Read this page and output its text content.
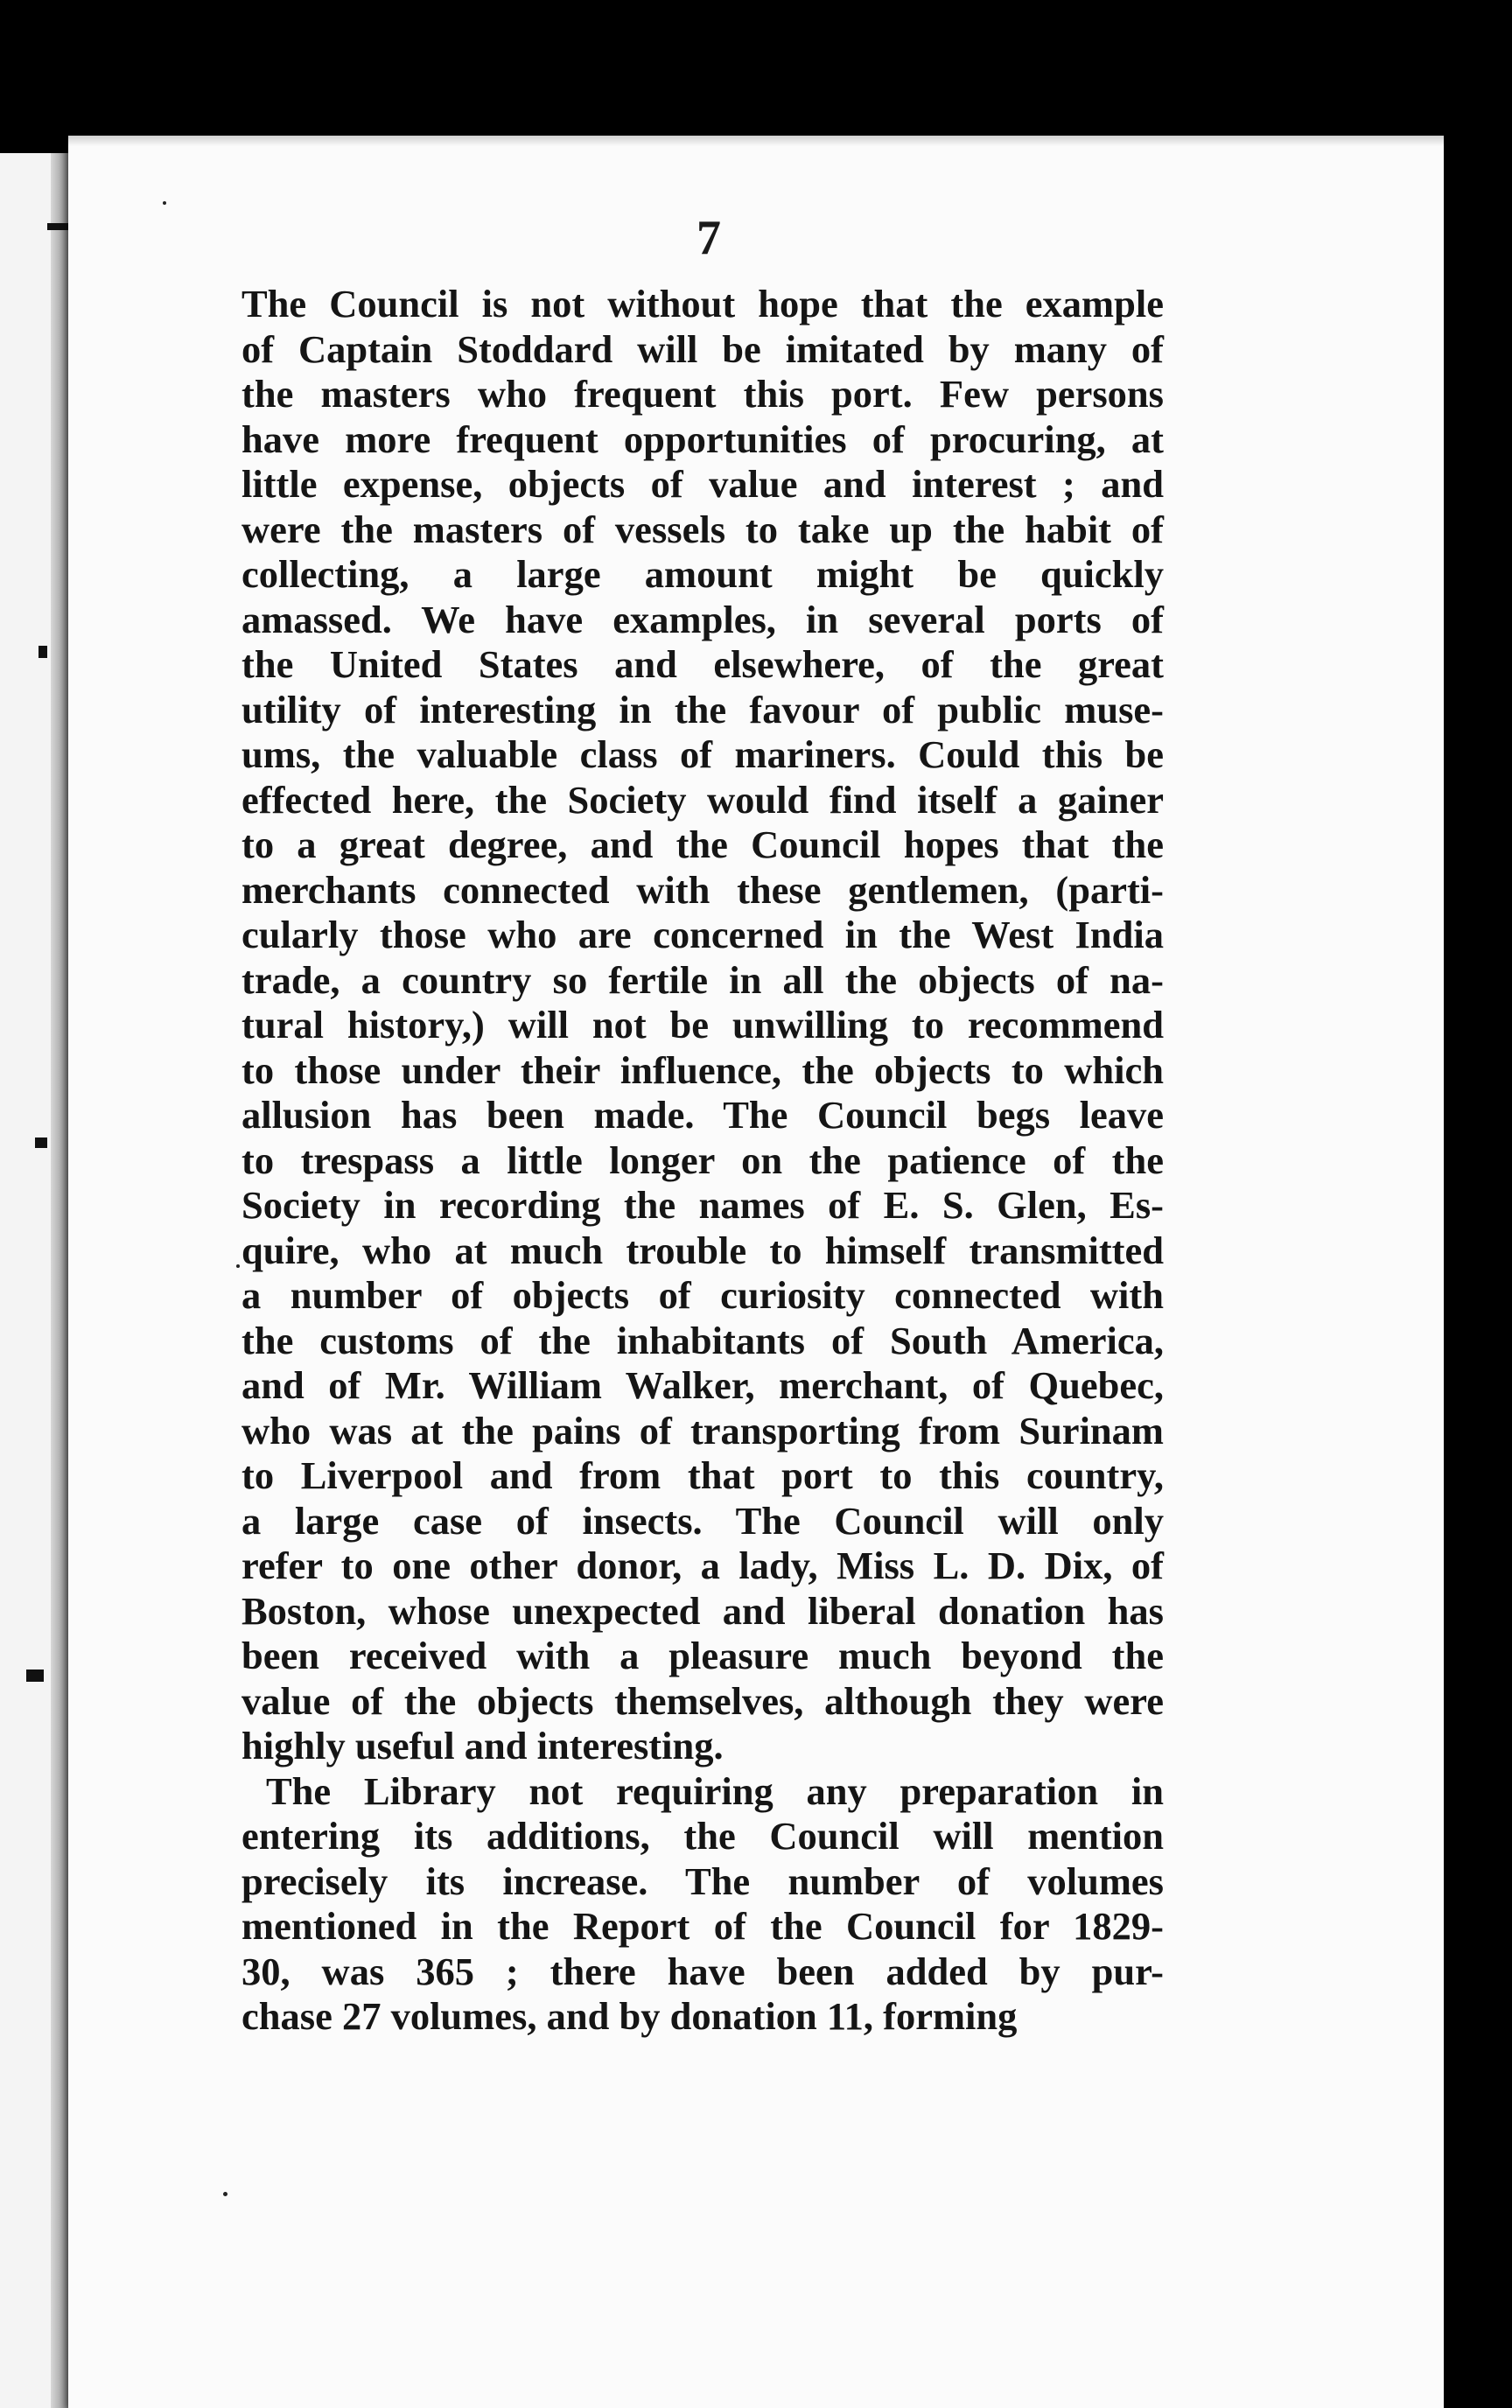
7

The Council is not without hope that the example
of Captain Stoddard will be imitated by many of
the masters who frequent this port. Few persons
have more frequent opportunities of procuring, at
little expense, objects of value and interest ; and
were the masters of vessels to take up the habit of
collecting, a large amount might be quickly
amassed. We have examples, in several ports of
the United States and elsewhere, of the great
utility of interesting in the favour of public muse-
ums, the valuable class of mariners. Could this be
effected here, the Society would find itself a gainer
to a great degree, and the Council hopes that the
merchants connected with these gentlemen, (parti-
cularly those who are concerned in the West India
trade, a country so fertile in all the objects of na-
tural history,) will not be unwilling to recommend
to those under their influence, the objects to which
allusion has been made. The Council begs leave
to trespass a little longer on the patience of the
Society in recording the names of E. S. Glen, Es-
quire, who at much trouble to himself transmitted
a number of objects of curiosity connected with
the customs of the inhabitants of South America,
and of Mr. William Walker, merchant, of Quebec,
who was at the pains of transporting from Surinam
to Liverpool and from that port to this country,
a large case of insects. The Council will only
refer to one other donor, a lady, Miss L. D. Dix, of
Boston, whose unexpected and liberal donation has
been received with a pleasure much beyond the
value of the objects themselves, although they were
highly useful and interesting.

The Library not requiring any preparation in
entering its additions, the Council will mention
precisely its increase. The number of volumes
mentioned in the Report of the Council for 1829-
30, was 365 ; there have been added by pur-
chase 27 volumes, and by donation 11, forming
